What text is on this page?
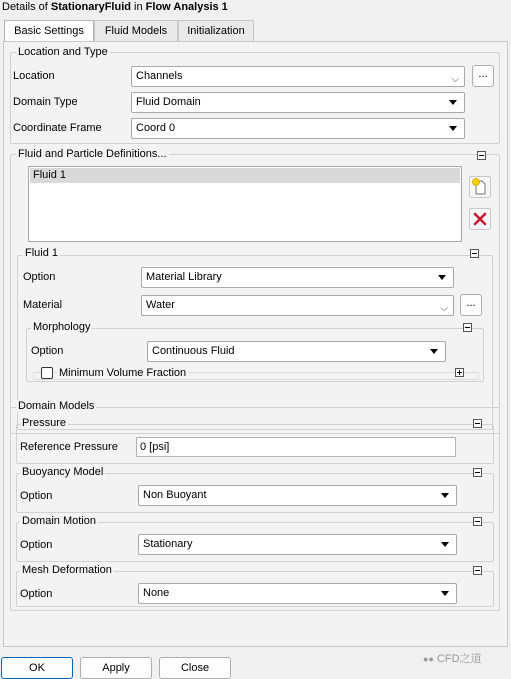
Details of StationaryFluid in Flow Analysis 1
Basic Settings	Fluid Models	Initialization
Location and Type
Location	Channels	⌵	...
Domain Type	Fluid Domain
Coordinate Frame	Coord 0
Fluid and Particle Definitions...
Fluid 1
Fluid 1
Option	Material Library
Material	Water	⌵	...
Morphology
Option	Continuous Fluid
Minimum Volume Fraction
Domain Models
Pressure
Reference Pressure	0 [psi]
Buoyancy Model
Option	Non Buoyant
Domain Motion
Option	Stationary
Mesh Deformation
Option	None
OK	Apply	Close
●● CFD之道
